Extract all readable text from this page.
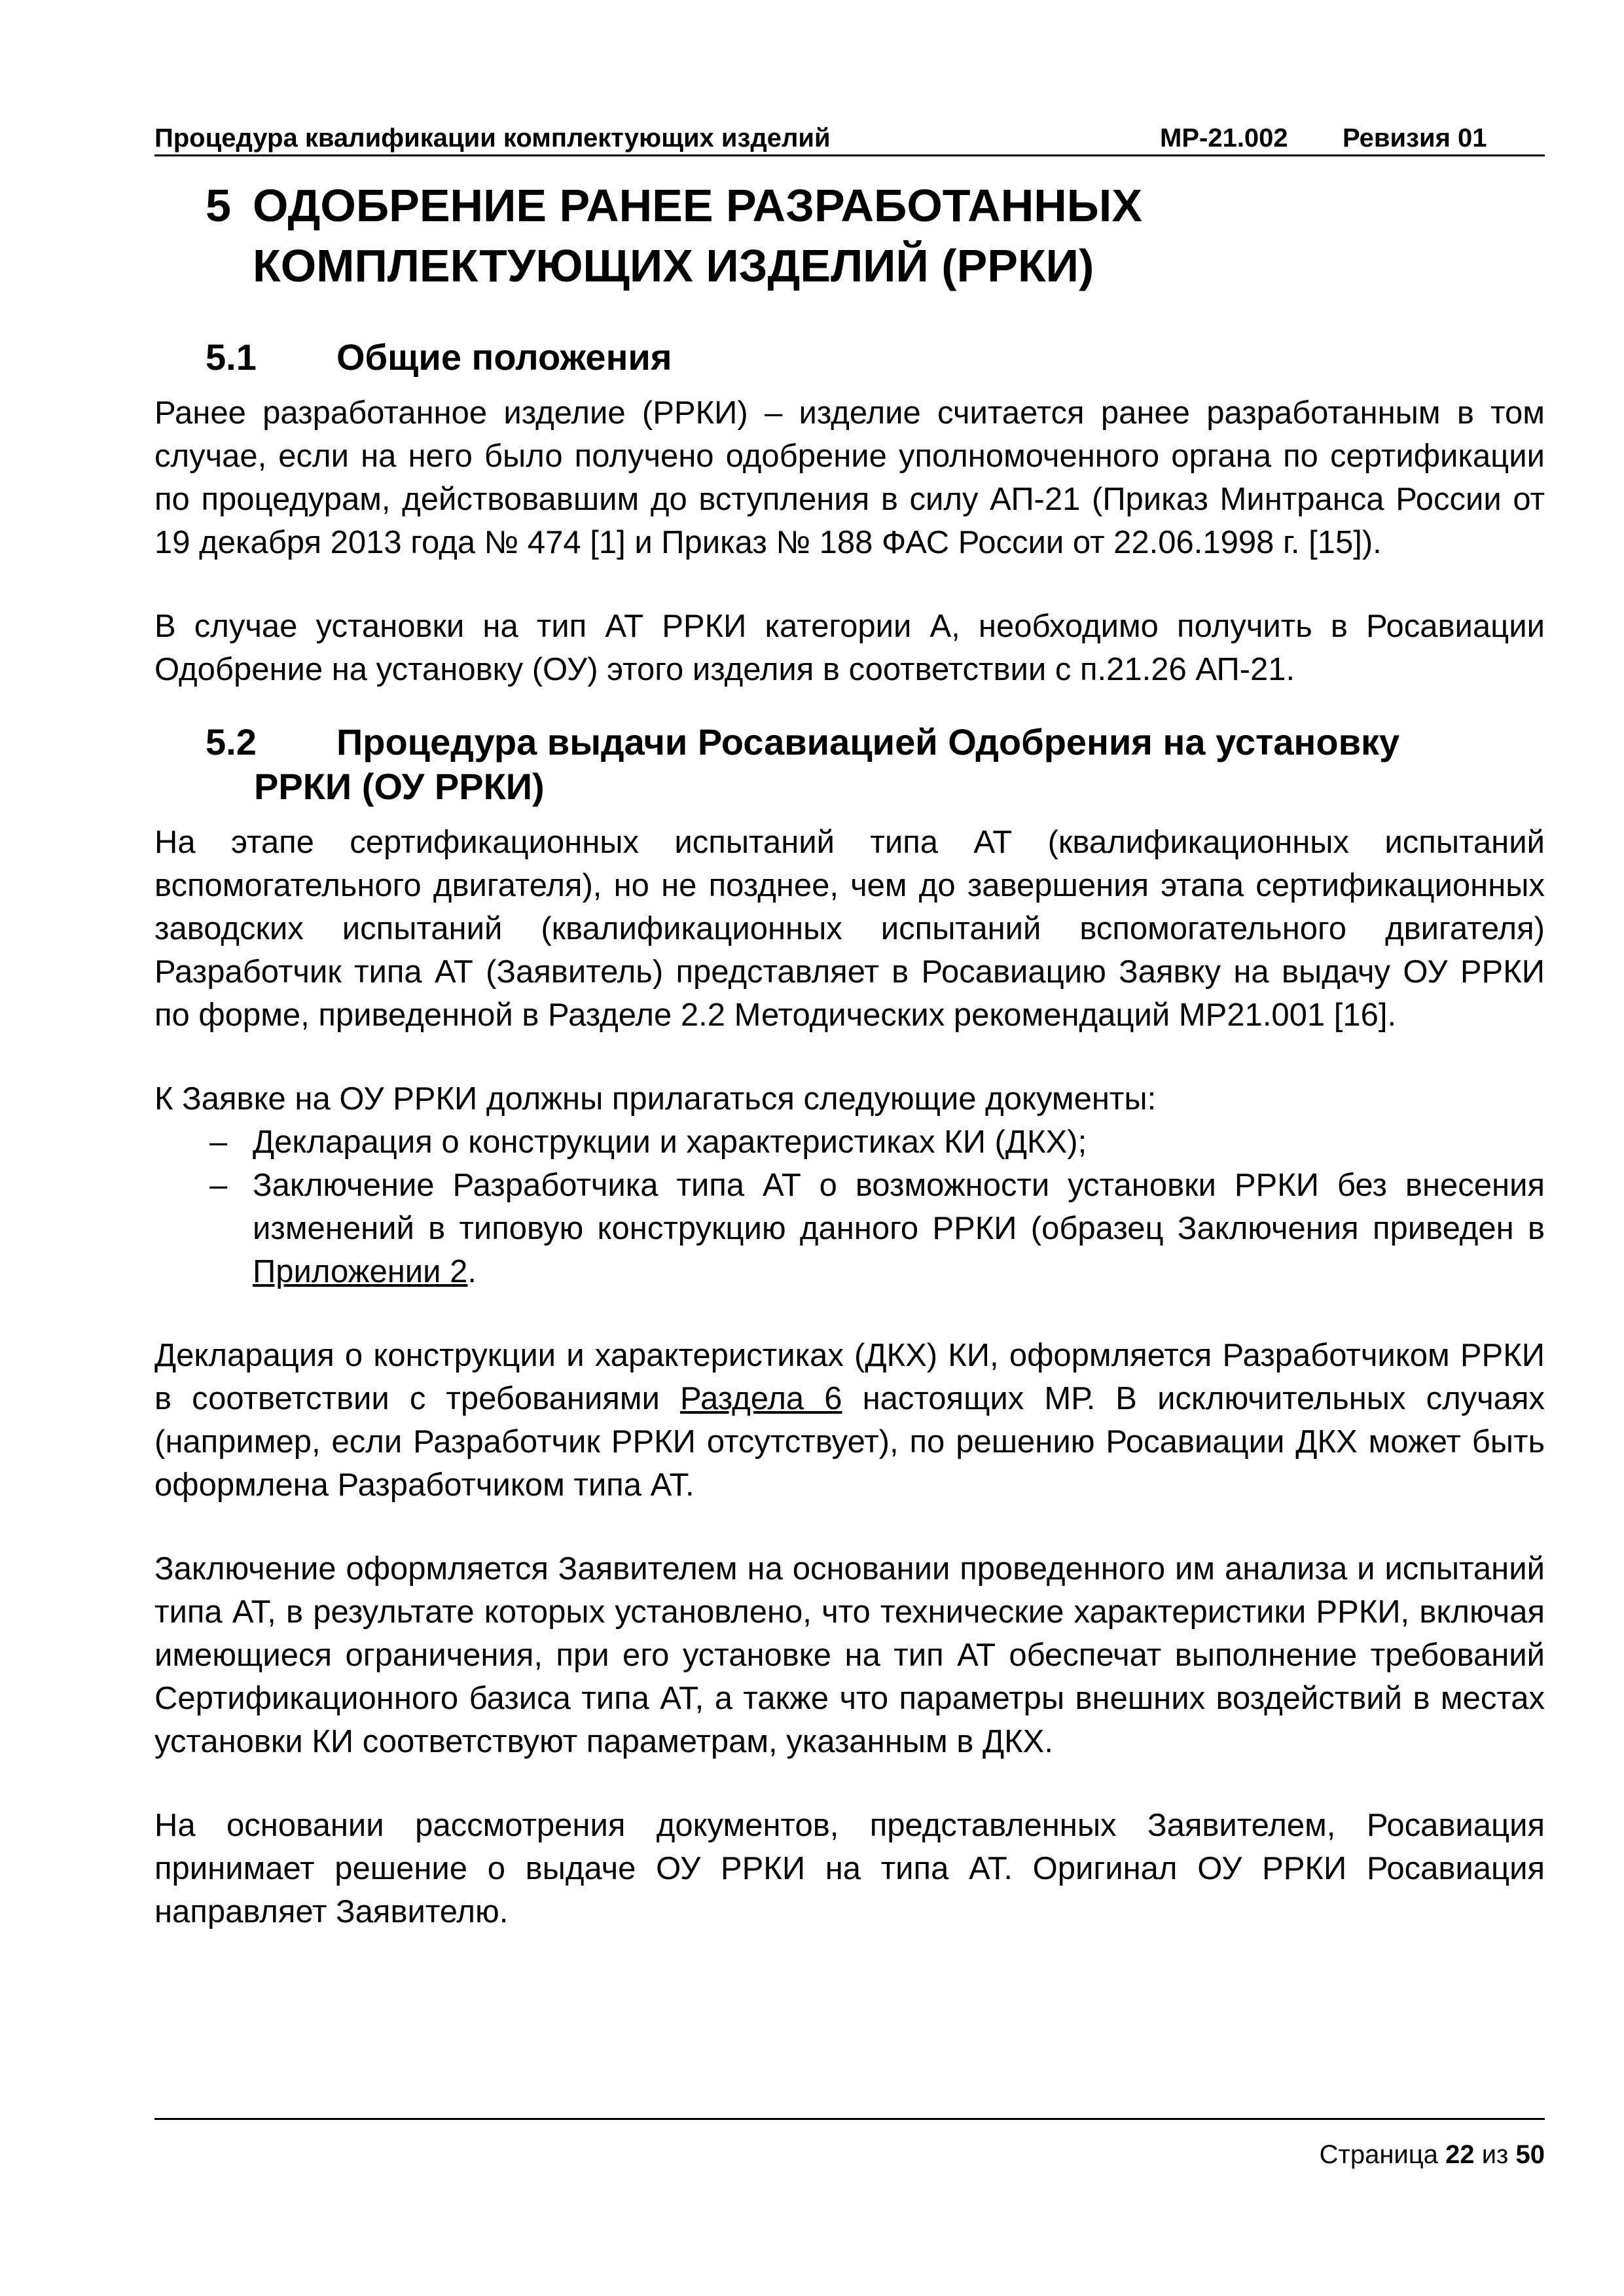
Процедура квалификации комплектующих изделий	МР-21.002 Ревизия 01
5 ОДОБРЕНИЕ РАНЕЕ РАЗРАБОТАННЫХ КОМПЛЕКТУЮЩИХ ИЗДЕЛИЙ (РРКИ)
5.1 Общие положения

Ранее разработанное изделие (РРКИ) – изделие считается ранее разработанным в том случае, если на него было получено одобрение уполномоченного органа по сертификации по процедурам, действовавшим до вступления в силу АП-21 (Приказ Минтранса России от 19 декабря 2013 года № 474 [1] и Приказ № 188 ФАС России от 22.06.1998 г. [15]).

В случае установки на тип АТ РРКИ категории А, необходимо получить в Росавиации Одобрение на установку (ОУ) этого изделия в соответствии с п.21.26 АП-21.

5.2 Процедура выдачи Росавиацией Одобрения на установку
РРКИ (ОУ РРКИ)

На этапе сертификационных испытаний типа АТ (квалификационных испытаний вспомогательного двигателя), но не позднее, чем до завершения этапа сертификационных заводских испытаний (квалификационных испытаний вспомогательного двигателя) Разработчик типа АТ (Заявитель) представляет в Росавиацию Заявку на выдачу ОУ РРКИ по форме, приведенной в Разделе 2.2 Методических рекомендаций МР21.001 [16].

К Заявке на ОУ РРКИ должны прилагаться следующие документы:

– Декларация о конструкции и характеристиках КИ (ДКХ);
– Заключение Разработчика типа АТ о возможности установки РРКИ без внесения изменений в типовую конструкцию данного РРКИ (образец Заключения приведен в Приложении 2.

Декларация о конструкции и характеристиках (ДКХ) КИ, оформляется Разработчиком РРКИ в соответствии с требованиями Раздела 6 настоящих МР. В исключительных случаях (например, если Разработчик РРКИ отсутствует), по решению Росавиации ДКХ может быть оформлена Разработчиком типа АТ.

Заключение оформляется Заявителем на основании проведенного им анализа и испытаний типа АТ, в результате которых установлено, что технические характеристики РРКИ, включая имеющиеся ограничения, при его установке на тип АТ обеспечат выполнение требований Сертификационного базиса типа АТ, а также что параметры внешних воздействий в местах установки КИ соответствуют параметрам, указанным в ДКХ.

На основании рассмотрения документов, представленных Заявителем, Росавиация принимает решение о выдаче ОУ РРКИ на типа АТ. Оригинал ОУ РРКИ Росавиация направляет Заявителю.

Страница 22 из 50
